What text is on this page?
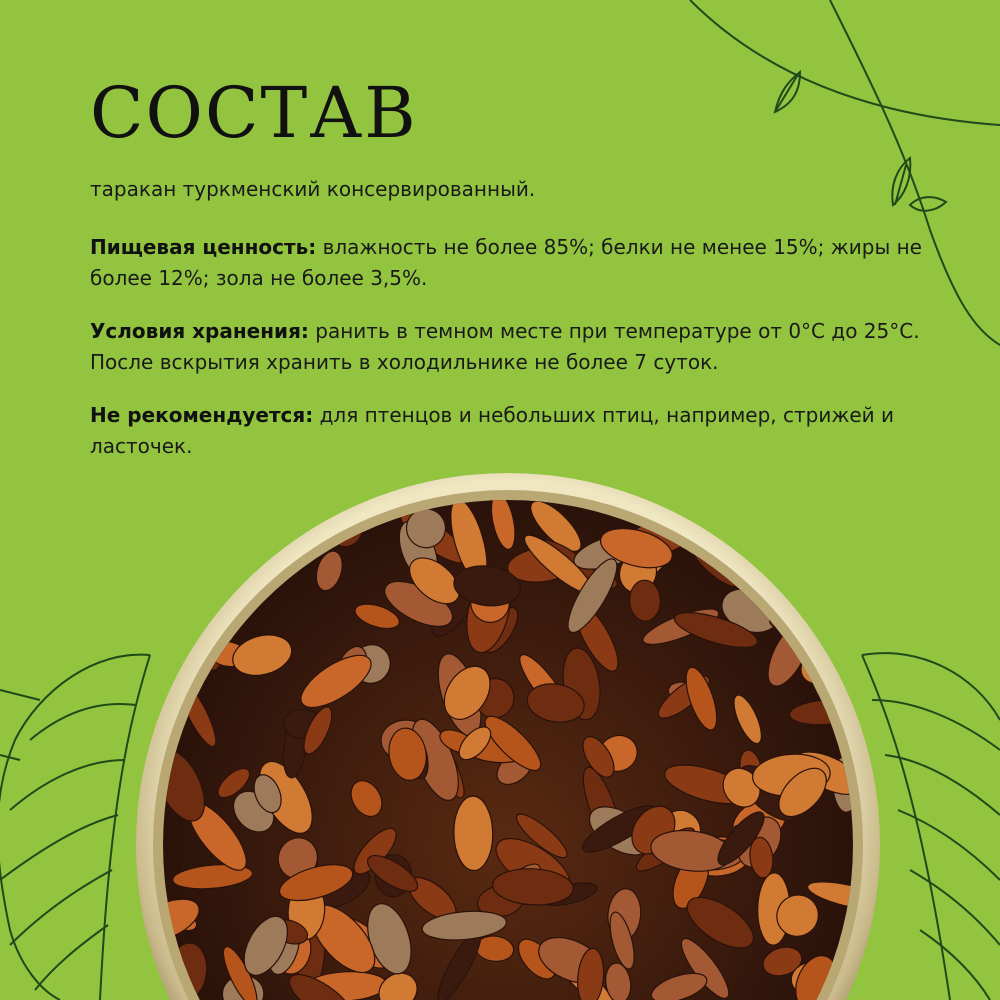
СОСТАВ

таракан туркменский консервированный.

Пищевая ценность: влажность не более 85%; белки не менее 15%; жиры не более 12%; зола не более 3,5%.

Условия хранения: ранить в темном месте при температуре от 0°С до 25°С. После вскрытия хранить в холодильнике не более 7 суток.

Не рекомендуется: для птенцов и небольших птиц, например, стрижей и ласточек.
